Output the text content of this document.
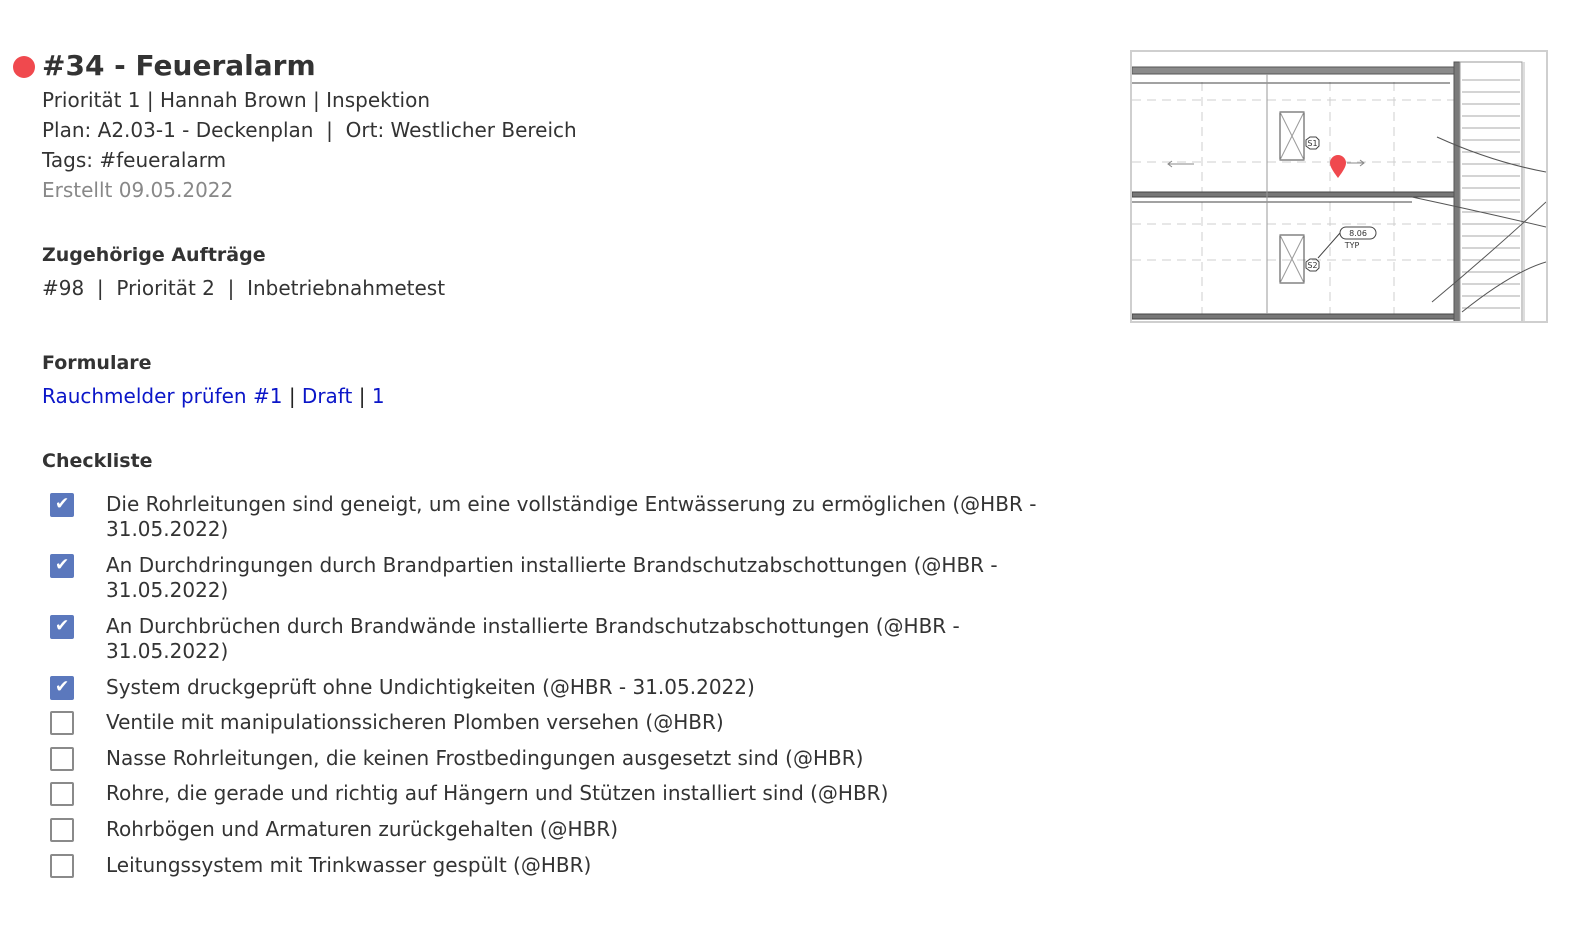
#34 - Feueralarm
Priorität 1 | Hannah Brown | Inspektion
Plan: A2.03-1 - Deckenplan  |  Ort: Westlicher Bereich
Tags: #feueralarm
Erstellt 09.05.2022
Zugehörige Aufträge
#98  |  Priorität 2  |  Inbetriebnahmetest
Formulare
Rauchmelder prüfen #1 | Draft | 1
Checkliste
✔
Die Rohrleitungen sind geneigt, um eine vollständige Entwässerung zu ermöglichen (@HBR - 31.05.2022)
✔
An Durchdringungen durch Brandpartien installierte Brandschutzabschottungen (@HBR - 31.05.2022)
✔
An Durchbrüchen durch Brandwände installierte Brandschutzabschottungen (@HBR - 31.05.2022)
✔
System druckgeprüft ohne Undichtigkeiten (@HBR - 31.05.2022)
Ventile mit manipulationssicheren Plomben versehen (@HBR)
Nasse Rohrleitungen, die keinen Frostbedingungen ausgesetzt sind (@HBR)
Rohre, die gerade und richtig auf Hängern und Stützen installiert sind (@HBR)
Rohrbögen und Armaturen zurückgehalten (@HBR)
Leitungssystem mit Trinkwasser gespült (@HBR)
S1
S2
8.06
TYP
